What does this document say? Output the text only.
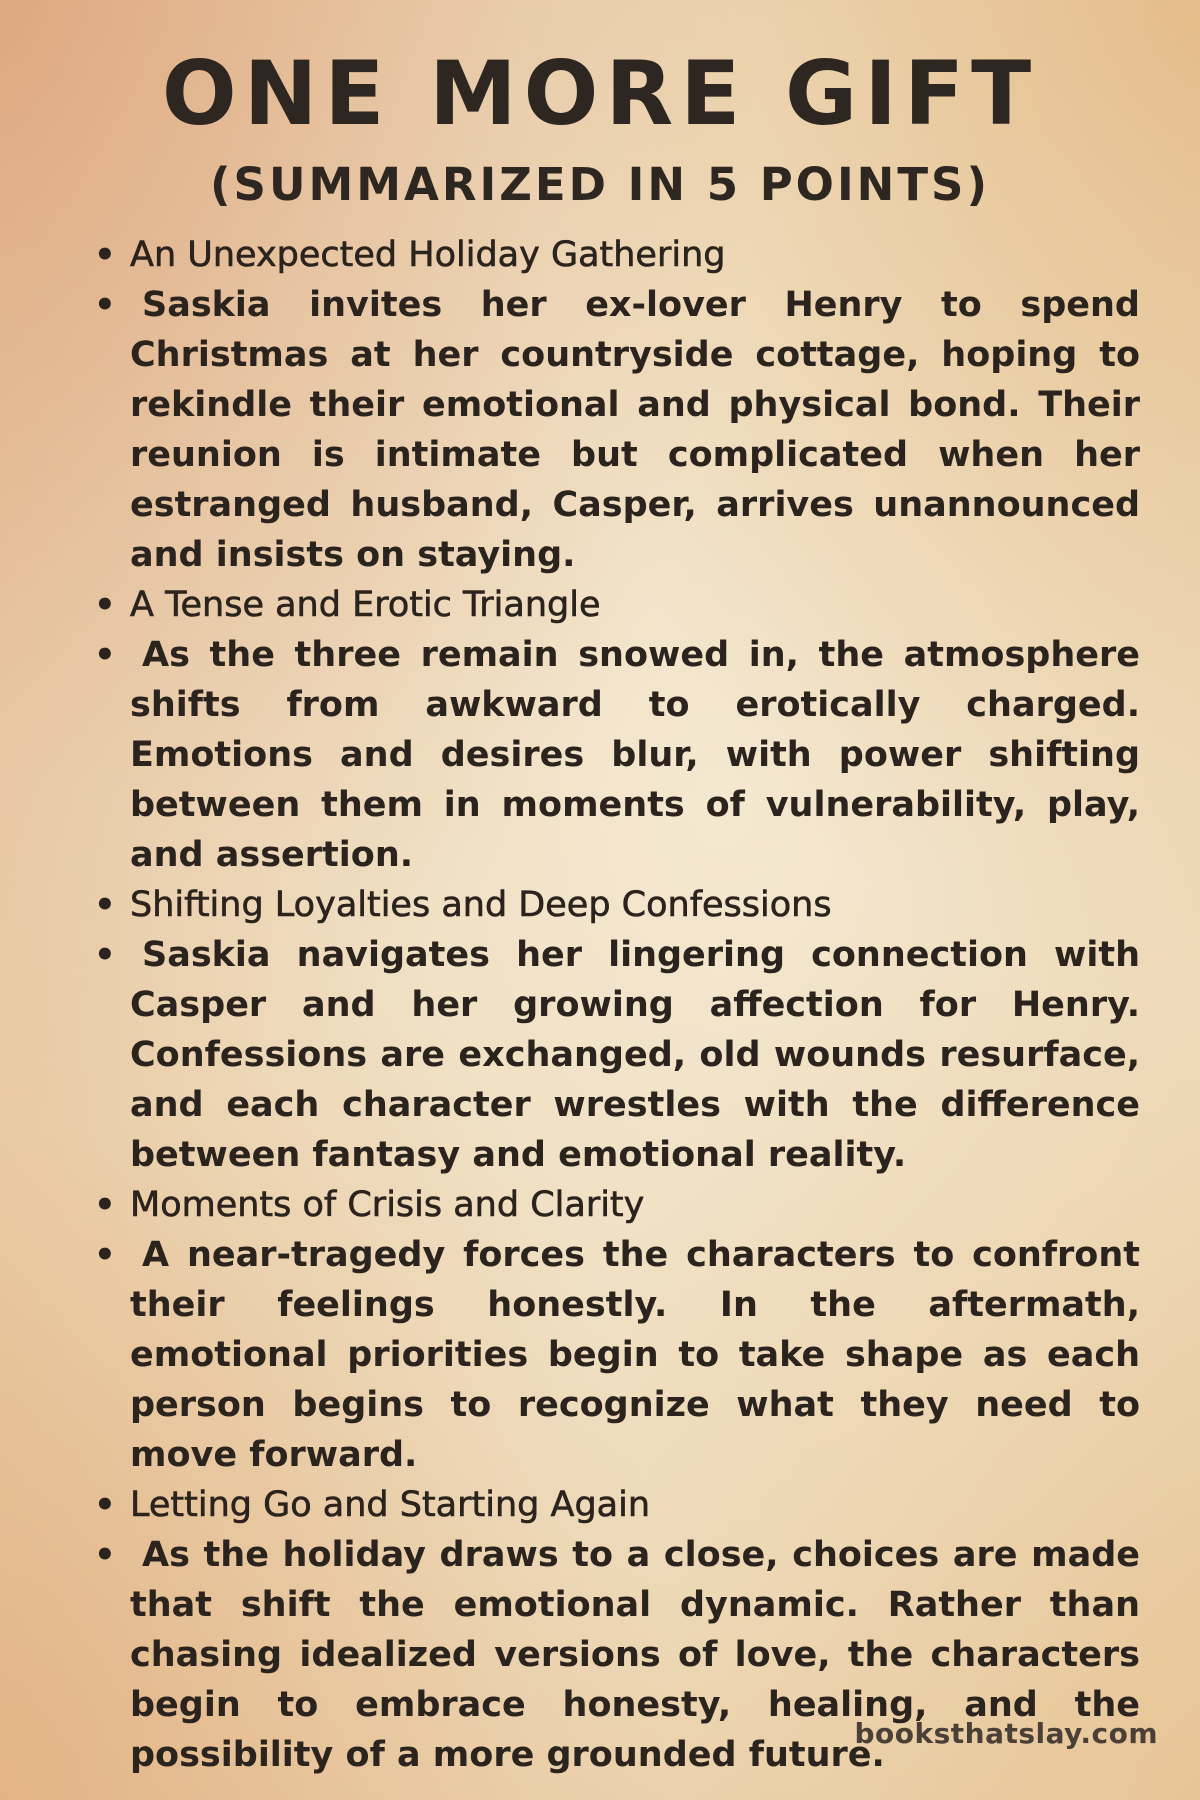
ONE MORE GIFT
(SUMMARIZED IN 5 POINTS)
• An Unexpected Holiday Gathering
• Saskia invites her ex-lover Henry to spend Christmas at her countryside cottage, hoping to rekindle their emotional and physical bond. Their reunion is intimate but complicated when her estranged husband, Casper, arrives unannounced and insists on staying.
• A Tense and Erotic Triangle
• As the three remain snowed in, the atmosphere shifts from awkward to erotically charged. Emotions and desires blur, with power shifting between them in moments of vulnerability, play, and assertion.
• Shifting Loyalties and Deep Confessions
• Saskia navigates her lingering connection with Casper and her growing affection for Henry. Confessions are exchanged, old wounds resurface, and each character wrestles with the difference between fantasy and emotional reality.
• Moments of Crisis and Clarity
• A near-tragedy forces the characters to confront their feelings honestly. In the aftermath, emotional priorities begin to take shape as each person begins to recognize what they need to move forward.
• Letting Go and Starting Again
• As the holiday draws to a close, choices are made that shift the emotional dynamic. Rather than chasing idealized versions of love, the characters begin to embrace honesty, healing, and the possibility of a more grounded future.
booksthatslay.com
